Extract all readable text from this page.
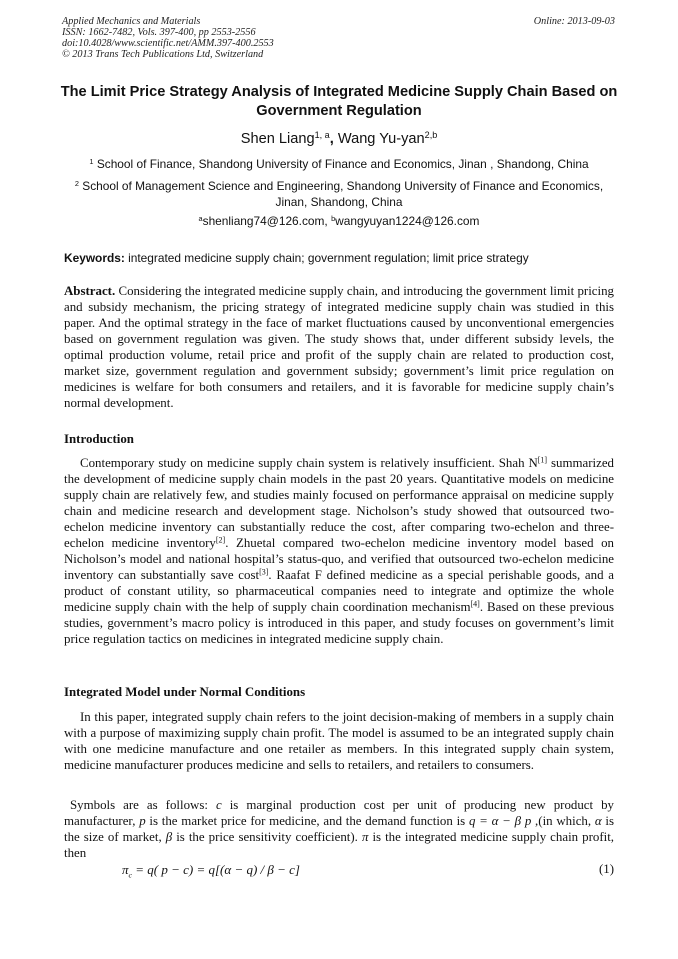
Applied Mechanics and Materials
ISSN: 1662-7482, Vols. 397-400, pp 2553-2556
doi:10.4028/www.scientific.net/AMM.397-400.2553
© 2013 Trans Tech Publications Ltd, Switzerland
Online: 2013-09-03
The Limit Price Strategy Analysis of Integrated Medicine Supply Chain Based on Government Regulation
Shen Liang$^{1, a}$, Wang Yu-yan$^{2,b}$
$^1$ School of Finance, Shandong University of Finance and Economics, Jinan , Shandong, China
$^2$ School of Management Science and Engineering, Shandong University of Finance and Economics, Jinan, Shandong, China
$^a$shenliang74@126.com, $^b$wangyuyan1224@126.com
Keywords: integrated medicine supply chain; government regulation; limit price strategy
Abstract. Considering the integrated medicine supply chain, and introducing the government limit pricing and subsidy mechanism, the pricing strategy of integrated medicine supply chain was studied in this paper. And the optimal strategy in the face of market fluctuations caused by unconventional emergencies based on government regulation was given. The study shows that, under different subsidy levels, the optimal production volume, retail price and profit of the supply chain are related to production cost, market size, government regulation and government subsidy; government’s limit price regulation on medicines is welfare for both consumers and retailers, and it is favorable for medicine supply chain’s normal development.
Introduction

Contemporary study on medicine supply chain system is relatively insufficient. Shah N[1] summarized the development of medicine supply chain models in the past 20 years. Quantitative models on medicine supply chain are relatively few, and studies mainly focused on performance appraisal on medicine supply chain and medicine research and development stage. Nicholson’s study showed that outsourced two-echelon medicine inventory can substantially reduce the cost, after comparing two-echelon and three-echelon medicine inventory[2]. Zhuetal compared two-echelon medicine inventory model based on Nicholson’s model and national hospital’s status-quo, and verified that outsourced two-echelon medicine inventory can substantially save cost[3]. Raafat F defined medicine as a special perishable goods, and a product of constant utility, so pharmaceutical companies need to integrate and optimize the whole medicine supply chain with the help of supply chain coordination mechanism[4]. Based on these previous studies, government’s macro policy is introduced in this paper, and study focuses on government’s limit price regulation tactics on medicines in integrated medicine supply chain.

Integrated Model under Normal Conditions

In this paper, integrated supply chain refers to the joint decision-making of members in a supply chain with a purpose of maximizing supply chain profit. The model is assumed to be an integrated supply chain with one medicine manufacture and one retailer as members. In this integrated supply chain system, medicine manufacturer produces medicine and sells to retailers, and retailers to consumers.

Symbols are as follows: c is marginal production cost per unit of producing new product by manufacturer, p is the market price for medicine, and the demand function is q = α − β p ,(in which, α is the size of market, β is the price sensitivity coefficient). π is the integrated medicine supply chain profit, then

$\pi_c = q$( p − c) = q[(α − q) / β − c]	(1)
